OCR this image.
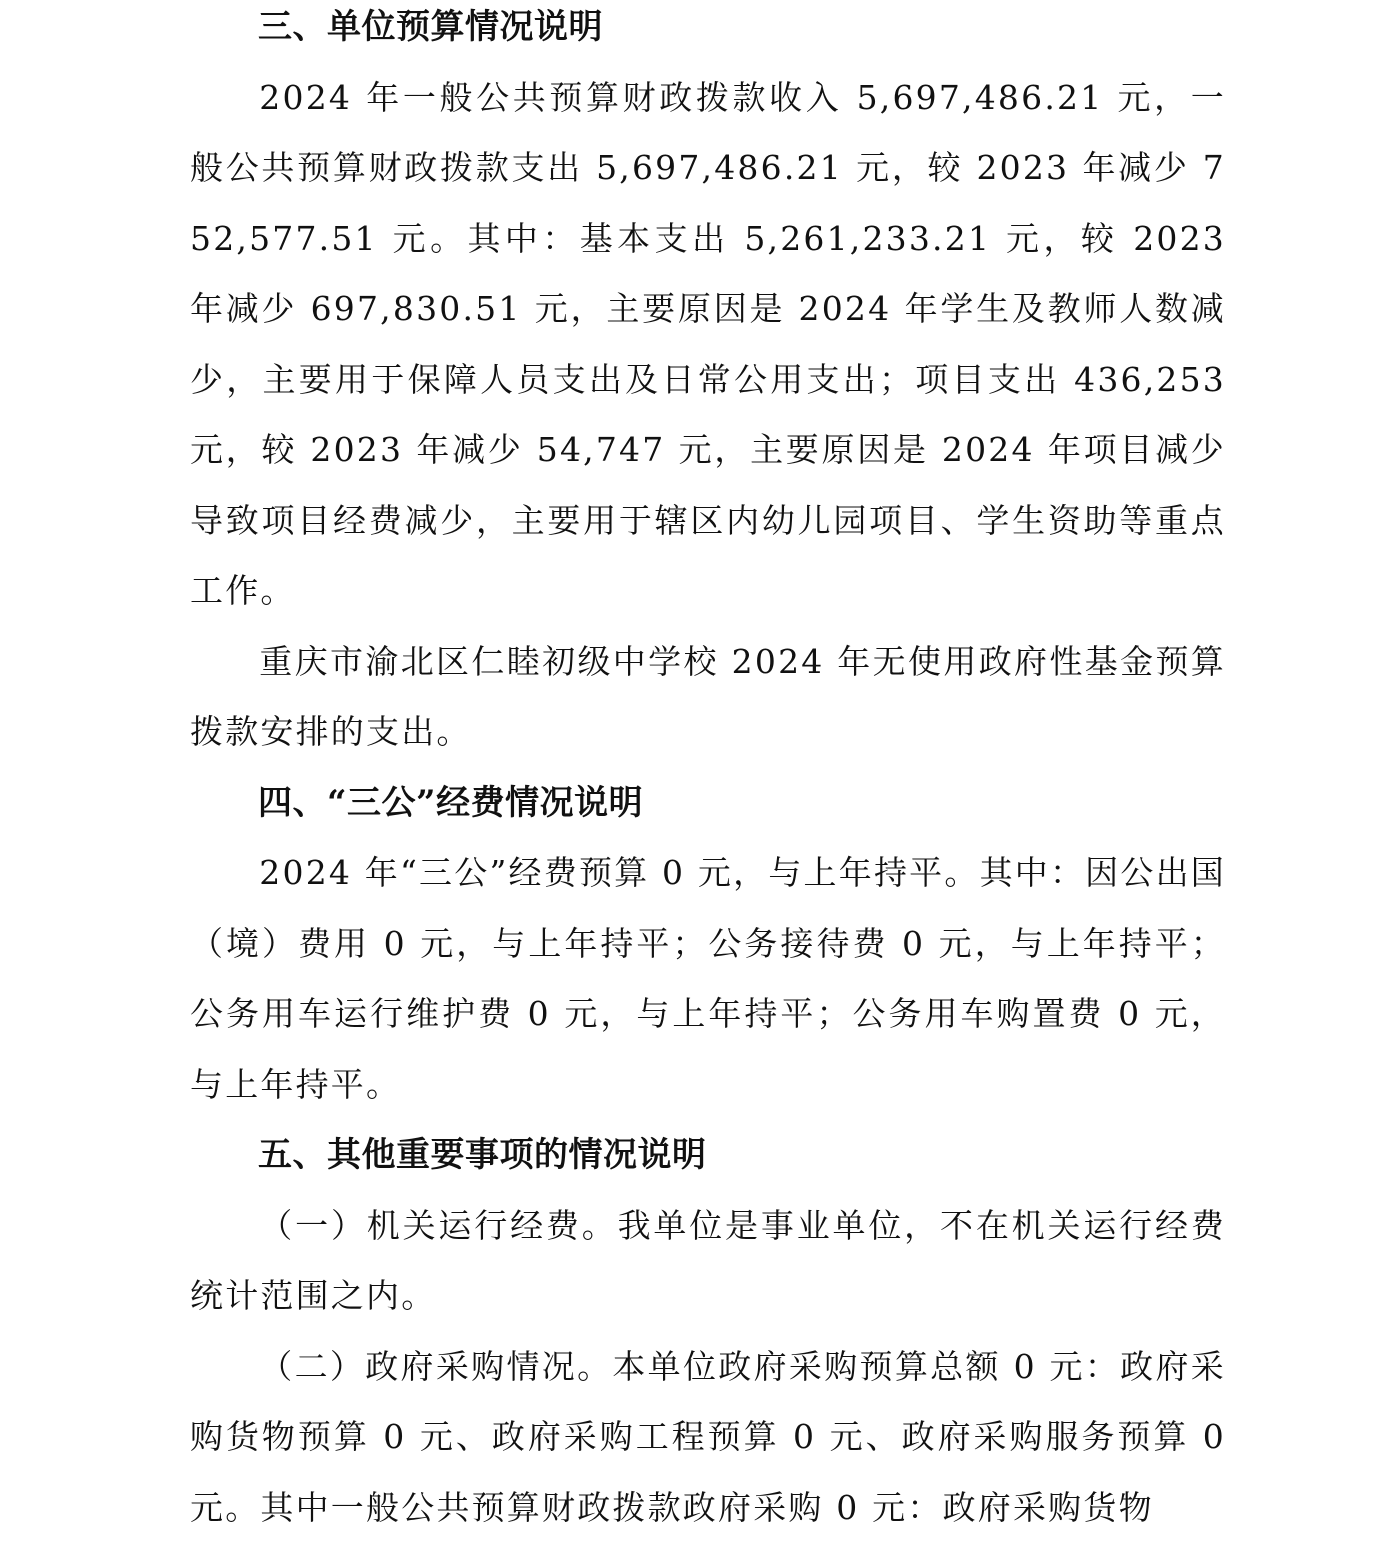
三、单位预算情况说明

2024 年一般公共预算财政拨款收入 5,697,486.21 元，一般公共预算财政拨款支出 5,697,486.21 元，较 2023 年减少 752,577.51 元。其中：基本支出 5,261,233.21 元，较 2023 年减少 697,830.51 元，主要原因是 2024 年学生及教师人数减少，主要用于保障人员支出及日常公用支出；项目支出 436,253 元，较 2023 年减少 54,747 元，主要原因是 2024 年项目减少导致项目经费减少，主要用于辖区内幼儿园项目、学生资助等重点工作。

重庆市渝北区仁睦初级中学校 2024 年无使用政府性基金预算拨款安排的支出。

四、“三公”经费情况说明

2024 年“三公”经费预算 0 元，与上年持平。其中：因公出国（境）费用 0 元，与上年持平；公务接待费 0 元，与上年持平；公务用车运行维护费 0 元，与上年持平；公务用车购置费 0 元，与上年持平。

五、其他重要事项的情况说明

（一）机关运行经费。我单位是事业单位，不在机关运行经费统计范围之内。

（二）政府采购情况。本单位政府采购预算总额 0 元：政府采购货物预算 0 元、政府采购工程预算 0 元、政府采购服务预算 0 元。其中一般公共预算财政拨款政府采购 0 元：政府采购货物
